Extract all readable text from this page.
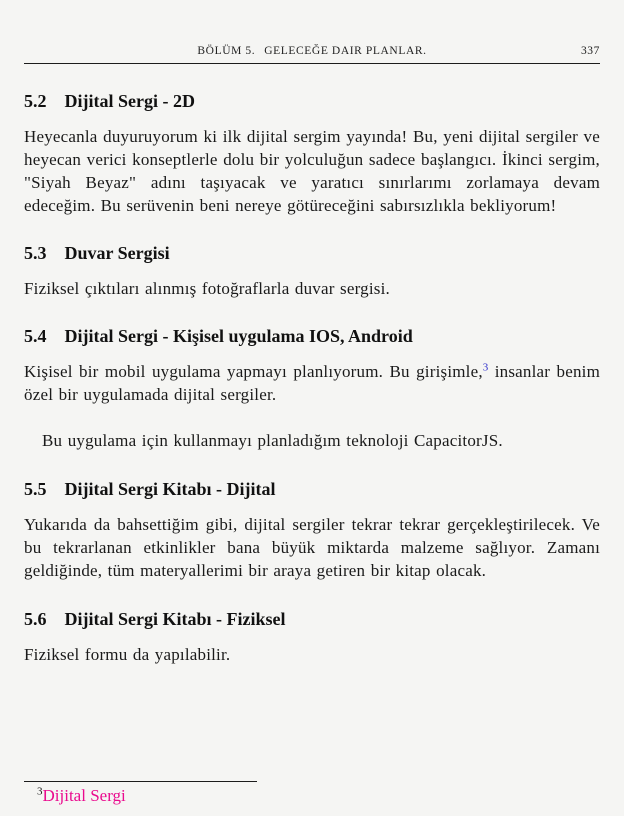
BÖLÜM 5. GELECEĞE DAIR PLANLAR.	337
5.2 Dijital Sergi - 2D

Heyecanla duyuruyorum ki ilk dijital sergim yayında! Bu, yeni dijital sergiler ve heyecan verici konseptlerle dolu bir yolculuğun sadece başlangıcı. İkinci sergim, "Siyah Beyaz" adını taşıyacak ve yaratıcı sınırlarımı zorlamaya devam edeceğim. Bu serüvenin beni nereye götüreceğini sabırsızlıkla bekliyorum!

5.3 Duvar Sergisi

Fiziksel çıktıları alınmış fotoğraflarla duvar sergisi.

5.4 Dijital Sergi - Kişisel uygulama IOS, Android

Kişisel bir mobil uygulama yapmayı planlıyorum. Bu girişimle,$^3$ insanlar benim özel bir uygulamada dijital sergiler.

Bu uygulama için kullanmayı planladığım teknoloji CapacitorJS.

5.5 Dijital Sergi Kitabı - Dijital

Yukarıda da bahsettiğim gibi, dijital sergiler tekrar tekrar gerçekleştirilecek. Ve bu tekrarlanan etkinlikler bana büyük miktarda malzeme sağlıyor. Zamanı geldiğinde, tüm materyallerimi bir araya getiren bir kitap olacak.

5.6 Dijital Sergi Kitabı - Fiziksel

Fiziksel formu da yapılabilir.

$^3$Dijital Sergi
